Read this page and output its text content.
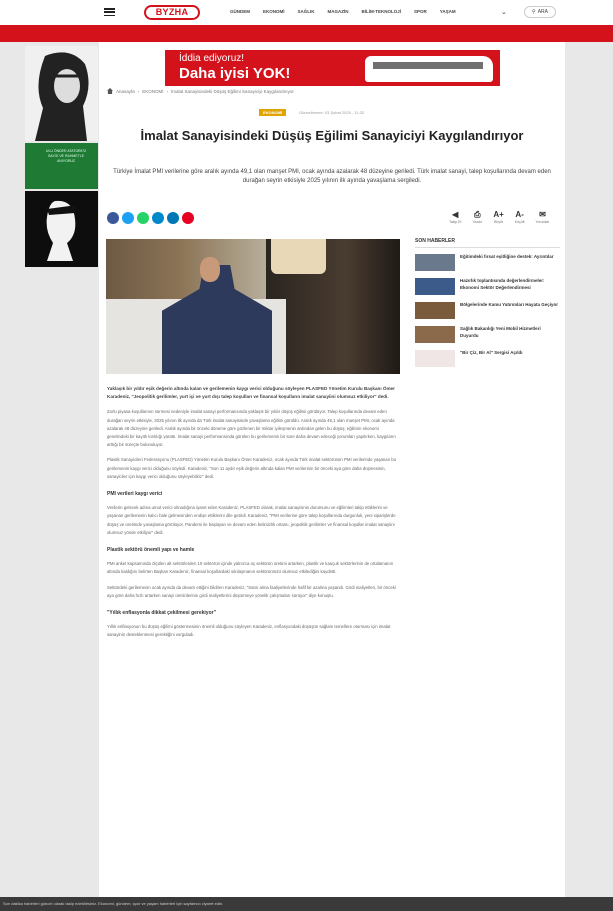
BYZHA	GÜNDEM	EKONOMİ	SAĞLIK	MAGAZİN	BİLİM-TEKNOLOJİ	SPOR	YAŞAM	⌄	⚲ ARA
ULU ÖNDER ATATÜRK'Ü SAYGI VE RAHMETLE ANIYORUZ
İddia ediyoruz!
Daha iyisi YOK!
Anasayfa › EKONOMİ › İmalat Sanayisindeki Düşüş Eğilimi Sanayiciyi Kaygılandırıyor
EKONOMİ	Güncellenme: 03 Şubat 2025 - 11:32
İmalat Sanayisindeki Düşüş Eğilimi Sanayiciyi Kaygılandırıyor
Türkiye İmalat PMI verilerine göre aralık ayında 49,1 olan manşet PMI, ocak ayında azalarak 48 düzeyine geriledi. Türk imalat sanayi, talep koşullarında devam eden durağan seyrin etkisiyle 2025 yılının ilk ayında yavaşlama sergiledi.
◀
Takip Et
⎙
Yazdır
A+
Büyüt
A-
Küçült
✉
Yorumlar

Yaklaşık bir yıldır eşik değerin altında kalan ve gerilemenin kaygı verici olduğunu söyleyen PLASFED Yönetim Kurulu Başkanı Ömer Karadeniz, "Jeopolitik gerilimler, yurt içi ve yurt dışı talep koşulları ve finansal koşulların imalat sanayiini olumsuz etkiliyor" dedi.

Zorlu piyasa koşullarının sürmesi nedeniyle imalat sanayi performansında yaklaşık bir yıldır düşüş eğilimi görülüyor. Talep koşullarında devam eden durağan seyrin etkisiyle, 2025 yılının ilk ayında da Türk imalat sanayisinde yavaşlama eğilimi görüldü. Aralık ayında 49,1 olan manşet PMI, ocak ayında azalarak 48 düzeyine geriledi. Aralık ayında bir önceki döneme göre gözlenen bir miktar iyileşmenin ardından gelen bu düşüş, eğilimin ekonomi genelindeki bir kayıtlı kırıklığı yarattı. İmalat sanayi performansında görülen bu gerilemenin bir süre daha devam edeceği yorumları yapılırken, kaygıların arttığı bir süreçte bulunuluyor.

Plastik Sanayicileri Federasyonu (PLASFED) Yönetim Kurulu Başkanı Ömer Karadeniz, ocak ayında Türk imalat sektörünün PMI verilerinde yaşanan bu gerilemenin kaygı verici olduğunu söyledi. Karadeniz, "Son 11 aydır eşik değerin altında kalan PMI verilerinin bir önceki aya göre daha düşmesinin, sanayiciler için kaygı verici olduğunu söyleyebiliriz" dedi.

PMI verileri kaygı verici

Verilerin gelecek adına umut verici olmadığına işaret eden Karadeniz, PLASFED olarak, imalat sanayisinin durumunu ve eğilimleri takip ettiklerini ve yaşanan gerilemenin kalıcı hale gelmesinden endişe ettiklerini dile getirdi. Karadeniz, "PMI verilerine göre talep koşullarında durgunluk, yeni siparişlerde düşüş ve üretimde yavaşlama görülüyor. Pandemi ile başlayan ve devam eden belirsizlik ortamı, jeopolitik gerilimler ve finansal koşullar imalat sanayiini olumsuz yönde etkiliyor" dedi.

Plastik sektörü önemli yapı ve hamle

PMI anket kapsamında ölçülen alt sektörlerden 10 sektörün içinde yalnızca üç sektörün üretimi artarken, plastik ve kauçuk sektörlerinin de ortalamanın altında kaldığını belirten Başkan Karadeniz, finansal koşullardaki sıkılaşmanın sektörümüzü olumsuz etkilediğini kaydetti.

Sektördeki gerilemenin ocak ayında da devam ettiğini bildiren Karadeniz, "Satın alma faaliyetlerinde hafif bir azalma yaşandı. Girdi maliyetleri, bir önceki aya göre daha hızlı artarken sanayi üreticilerinin girdi maliyetlerini düşürmeye yönelik çalışmaları sürüyor" diye konuştu.

"Yıllık enflasyonla dikkat çekilmesi gerekiyor"

Yıllık enflasyonun bu düşüş eğilimi göstermesinin önemli olduğunu söyleyen Karadeniz, enflasyondaki düşüşün sağlam temellere oturması için imalat sanayinin desteklenmesi gerektiğini vurguladı.

SON HABERLER
Eğitimdeki fırsat eşitliğine destek: Ayrıntılar
Hazırlık toplantısında değerlendirmeler: Ekonomi Sektör Değerlendirmesi
Bölgelerinde Kamu Yatırımları Hayata Geçiyor
Sağlık Bakanlığı Yeni Mobil Hizmetleri Duyurdu
"Bir Çiz, Bir Al" Sergisi Açıldı
Son dakika haberleri güncel olarak takip edebilirsiniz. Ekonomi, gündem, spor ve yaşam haberleri için sayfamızı ziyaret edin.
